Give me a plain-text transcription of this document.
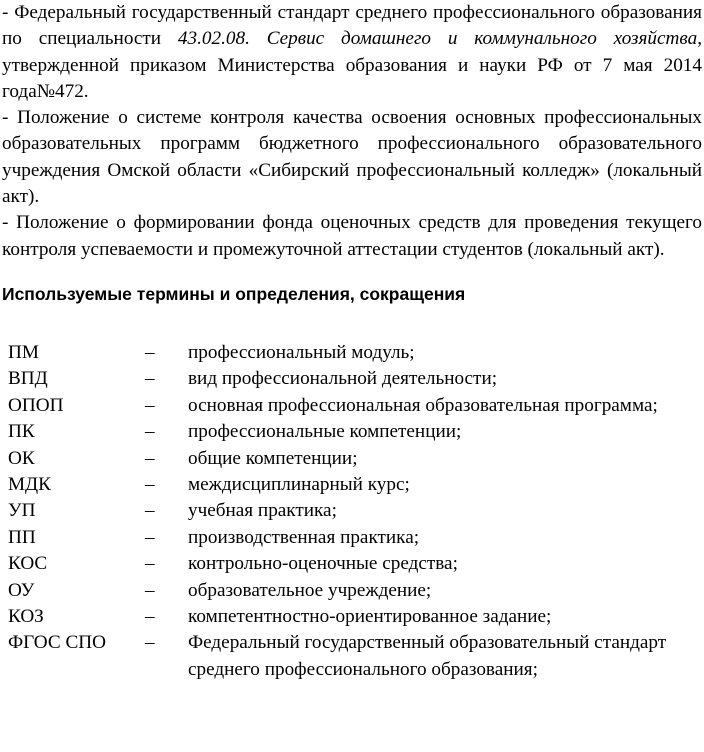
- Федеральный государственный стандарт среднего профессионального образования по специальности 43.02.08. Сервис домашнего и коммунального хозяйства, утвержденной приказом Министерства образования и науки РФ от 7 мая 2014 года№472.

- Положение о системе контроля качества освоения основных профессиональных образовательных программ бюджетного профессионального образовательного учреждения Омской области «Сибирский профессиональный колледж» (локальный акт).

- Положение о формировании фонда оценочных средств для проведения текущего контроля успеваемости и промежуточной аттестации студентов (локальный акт).

Используемые термины и определения, сокращения

ПМ	–	профессиональный модуль;
ВПД	–	вид профессиональной деятельности;
ОПОП	–	основная профессиональная образовательная программа;
ПК	–	профессиональные компетенции;
ОК	–	общие компетенции;
МДК	–	междисциплинарный курс;
УП	–	учебная практика;
ПП	–	производственная практика;
КОС	–	контрольно-оценочные средства;
ОУ	–	образовательное учреждение;
КОЗ	–	компетентностно-ориентированное задание;
ФГОС СПО	–	Федеральный государственный образовательный стандарт среднего профессионального образования;
